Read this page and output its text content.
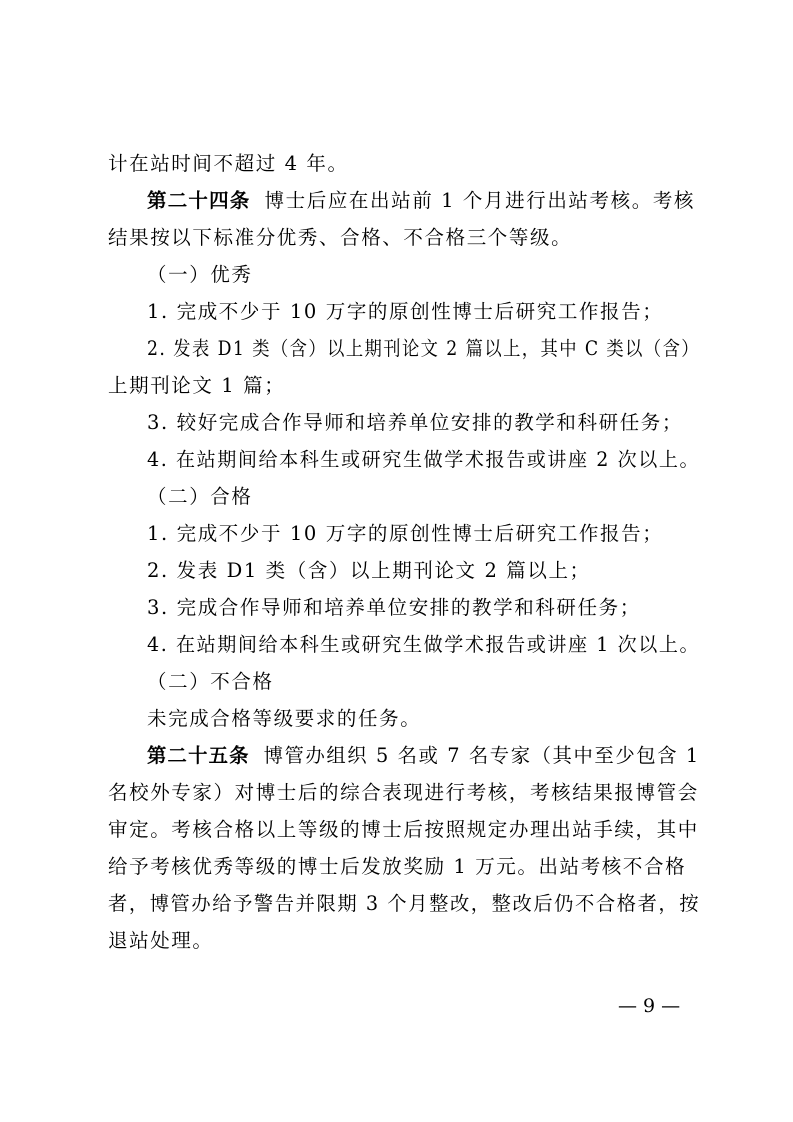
计在站时间不超过 4 年。
第二十四条 博士后应在出站前 1 个月进行出站考核。考核
结果按以下标准分优秀、合格、不合格三个等级。
（一）优秀
1. 完成不少于 10 万字的原创性博士后研究工作报告；
2. 发表 D1 类（含）以上期刊论文 2 篇以上，其中 C 类以（含）
上期刊论文 1 篇；
3. 较好完成合作导师和培养单位安排的教学和科研任务；
4. 在站期间给本科生或研究生做学术报告或讲座 2 次以上。
（二）合格
1. 完成不少于 10 万字的原创性博士后研究工作报告；
2. 发表 D1 类（含）以上期刊论文 2 篇以上；
3. 完成合作导师和培养单位安排的教学和科研任务；
4. 在站期间给本科生或研究生做学术报告或讲座 1 次以上。
（二）不合格
未完成合格等级要求的任务。
第二十五条 博管办组织 5 名或 7 名专家（其中至少包含 1
名校外专家）对博士后的综合表现进行考核，考核结果报博管会
审定。考核合格以上等级的博士后按照规定办理出站手续，其中
给予考核优秀等级的博士后发放奖励 1 万元。出站考核不合格
者，博管办给予警告并限期 3 个月整改，整改后仍不合格者，按
退站处理。
— 9 —
